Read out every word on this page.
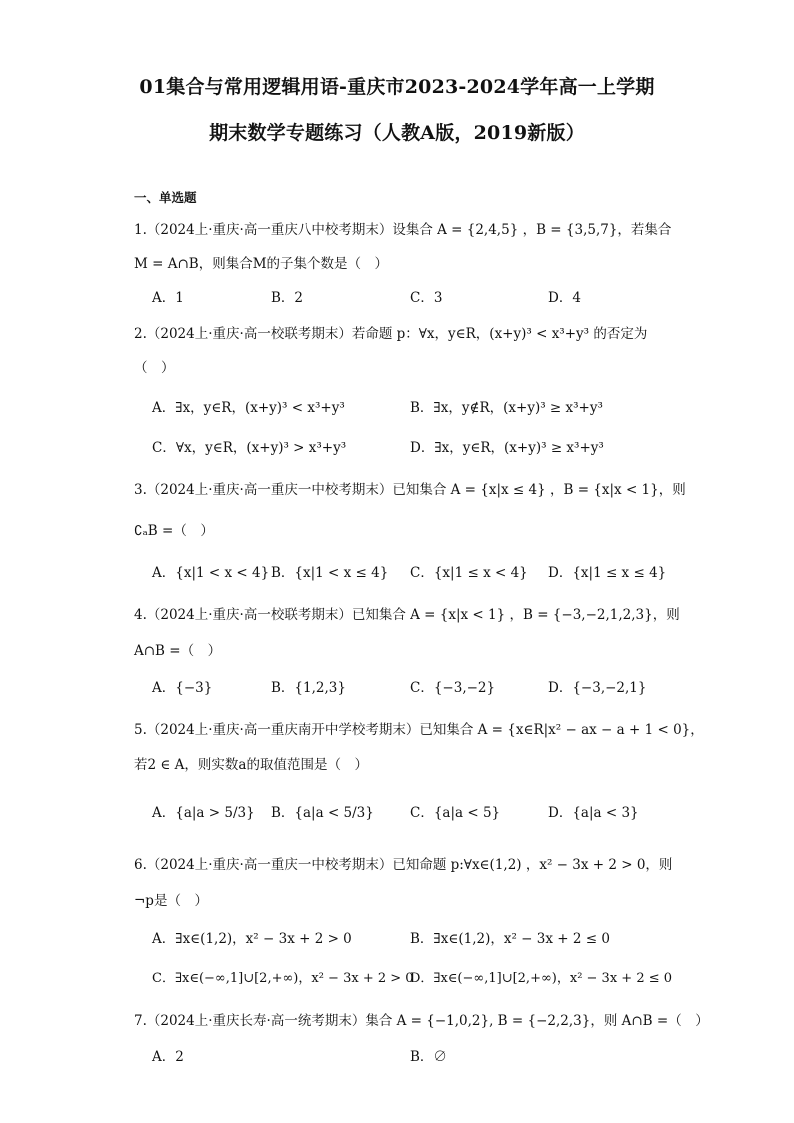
01集合与常用逻辑用语-重庆市2023-2024学年高一上学期
期末数学专题练习（人教A版，2019新版）
一、单选题
1.（2024上·重庆·高一重庆八中校考期末）设集合 A = {2,4,5} ，B = {3,5,7}，若集合
M = A∩B，则集合M的子集个数是（　）
A．1	B．2	C．3	D．4
2.（2024上·重庆·高一校联考期末）若命题 p：∀x，y∈R，(x+y)³ < x³+y³ 的否定为
（　）
A．∃x，y∈R，(x+y)³ < x³+y³	B．∃x，y∉R，(x+y)³ ≥ x³+y³
C．∀x，y∈R，(x+y)³ > x³+y³	D．∃x，y∈R，(x+y)³ ≥ x³+y³
3.（2024上·重庆·高一重庆一中校考期末）已知集合 A = {x|x ≤ 4} ，B = {x|x < 1}，则
∁ₐB =（　）
A．{x|1 < x < 4} B．{x|1 < x ≤ 4} C．{x|1 ≤ x < 4} D．{x|1 ≤ x ≤ 4}
4.（2024上·重庆·高一校联考期末）已知集合 A = {x|x < 1} ，B = {−3,−2,1,2,3}，则
A∩B =（　）
A．{−3}	B．{1,2,3}	C．{−3,−2}	D．{−3,−2,1}
5.（2024上·重庆·高一重庆南开中学校考期末）已知集合 A = {x∈R|x² − ax − a + 1 < 0}，
若2 ∈ A，则实数a的取值范围是（　）
A．{a|a > 5/3} B．{a|a < 5/3}	C．{a|a < 5}	D．{a|a < 3}
6.（2024上·重庆·高一重庆一中校考期末）已知命题 p:∀x∈(1,2) ，x² − 3x + 2 > 0，则
¬p是（　）
A．∃x∈(1,2)，x² − 3x + 2 > 0	B．∃x∈(1,2)，x² − 3x + 2 ≤ 0
C．∃x∈(−∞,1]∪[2,+∞)，x² − 3x + 2 > 0
D．∃x∈(−∞,1]∪[2,+∞)，x² − 3x + 2 ≤ 0
7.（2024上·重庆长寿·高一统考期末）集合 A = {−1,0,2}, B = {−2,2,3}，则 A∩B =（　）
A．2	B．∅
